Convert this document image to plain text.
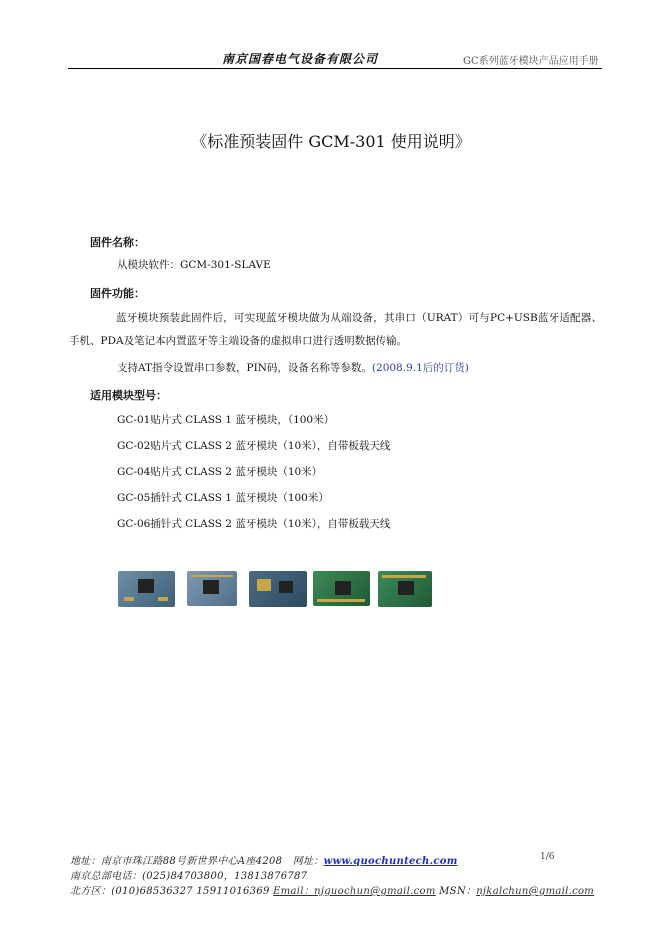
南京国春电气设备有限公司	GC系列蓝牙模块产品应用手册
《标准预装固件 GCM-301 使用说明》
固件名称：
从模块软件：GCM-301-SLAVE
固件功能：
蓝牙模块预装此固件后，可实现蓝牙模块做为从端设备，其串口（URAT）可与PC+USB蓝牙适配器、手机、PDA及笔记本内置蓝牙等主端设备的虚拟串口进行透明数据传输。
支持AT指令设置串口参数，PIN码，设备名称等参数。(2008.9.1后的订货)
适用模块型号：
GC-01贴片式 CLASS 1 蓝牙模块，（100米）
GC-02贴片式 CLASS 2 蓝牙模块（10米），自带板载天线
GC-04贴片式 CLASS 2 蓝牙模块（10米）
GC-05插针式 CLASS 1 蓝牙模块（100米）
GC-06插针式 CLASS 2 蓝牙模块（10米），自带板载天线
地址：南京市珠江路88号新世界中心A座4208 网址：www.quochuntech.com	1/6
南京总部电话：(025)84703800，13813876787
北方区：(010)68536327 15911016369 Email：njguochun@gmail.com MSN：njkalchun@gmail.com
